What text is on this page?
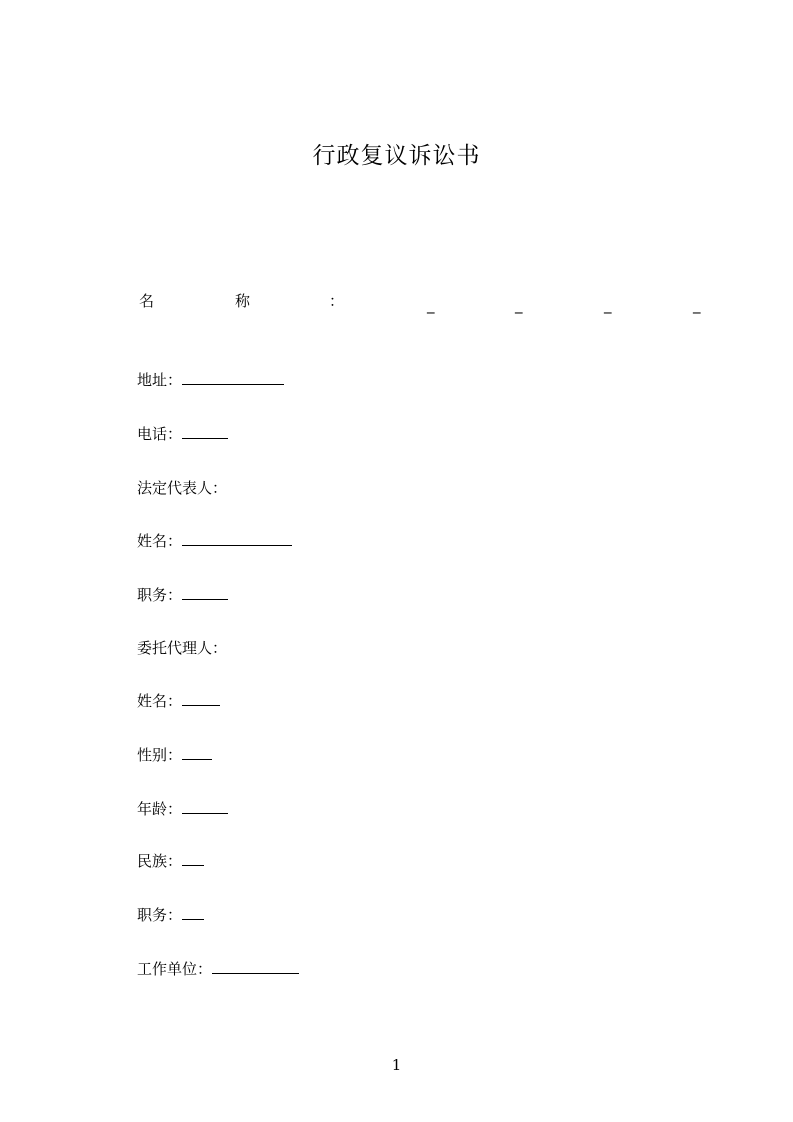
行政复议诉讼书
名	称	：	_	_	_	_
地址：
电话：
法定代表人：
姓名：
职务：
委托代理人：
姓名：
性别：
年龄：
民族：
职务：
工作单位：
1
